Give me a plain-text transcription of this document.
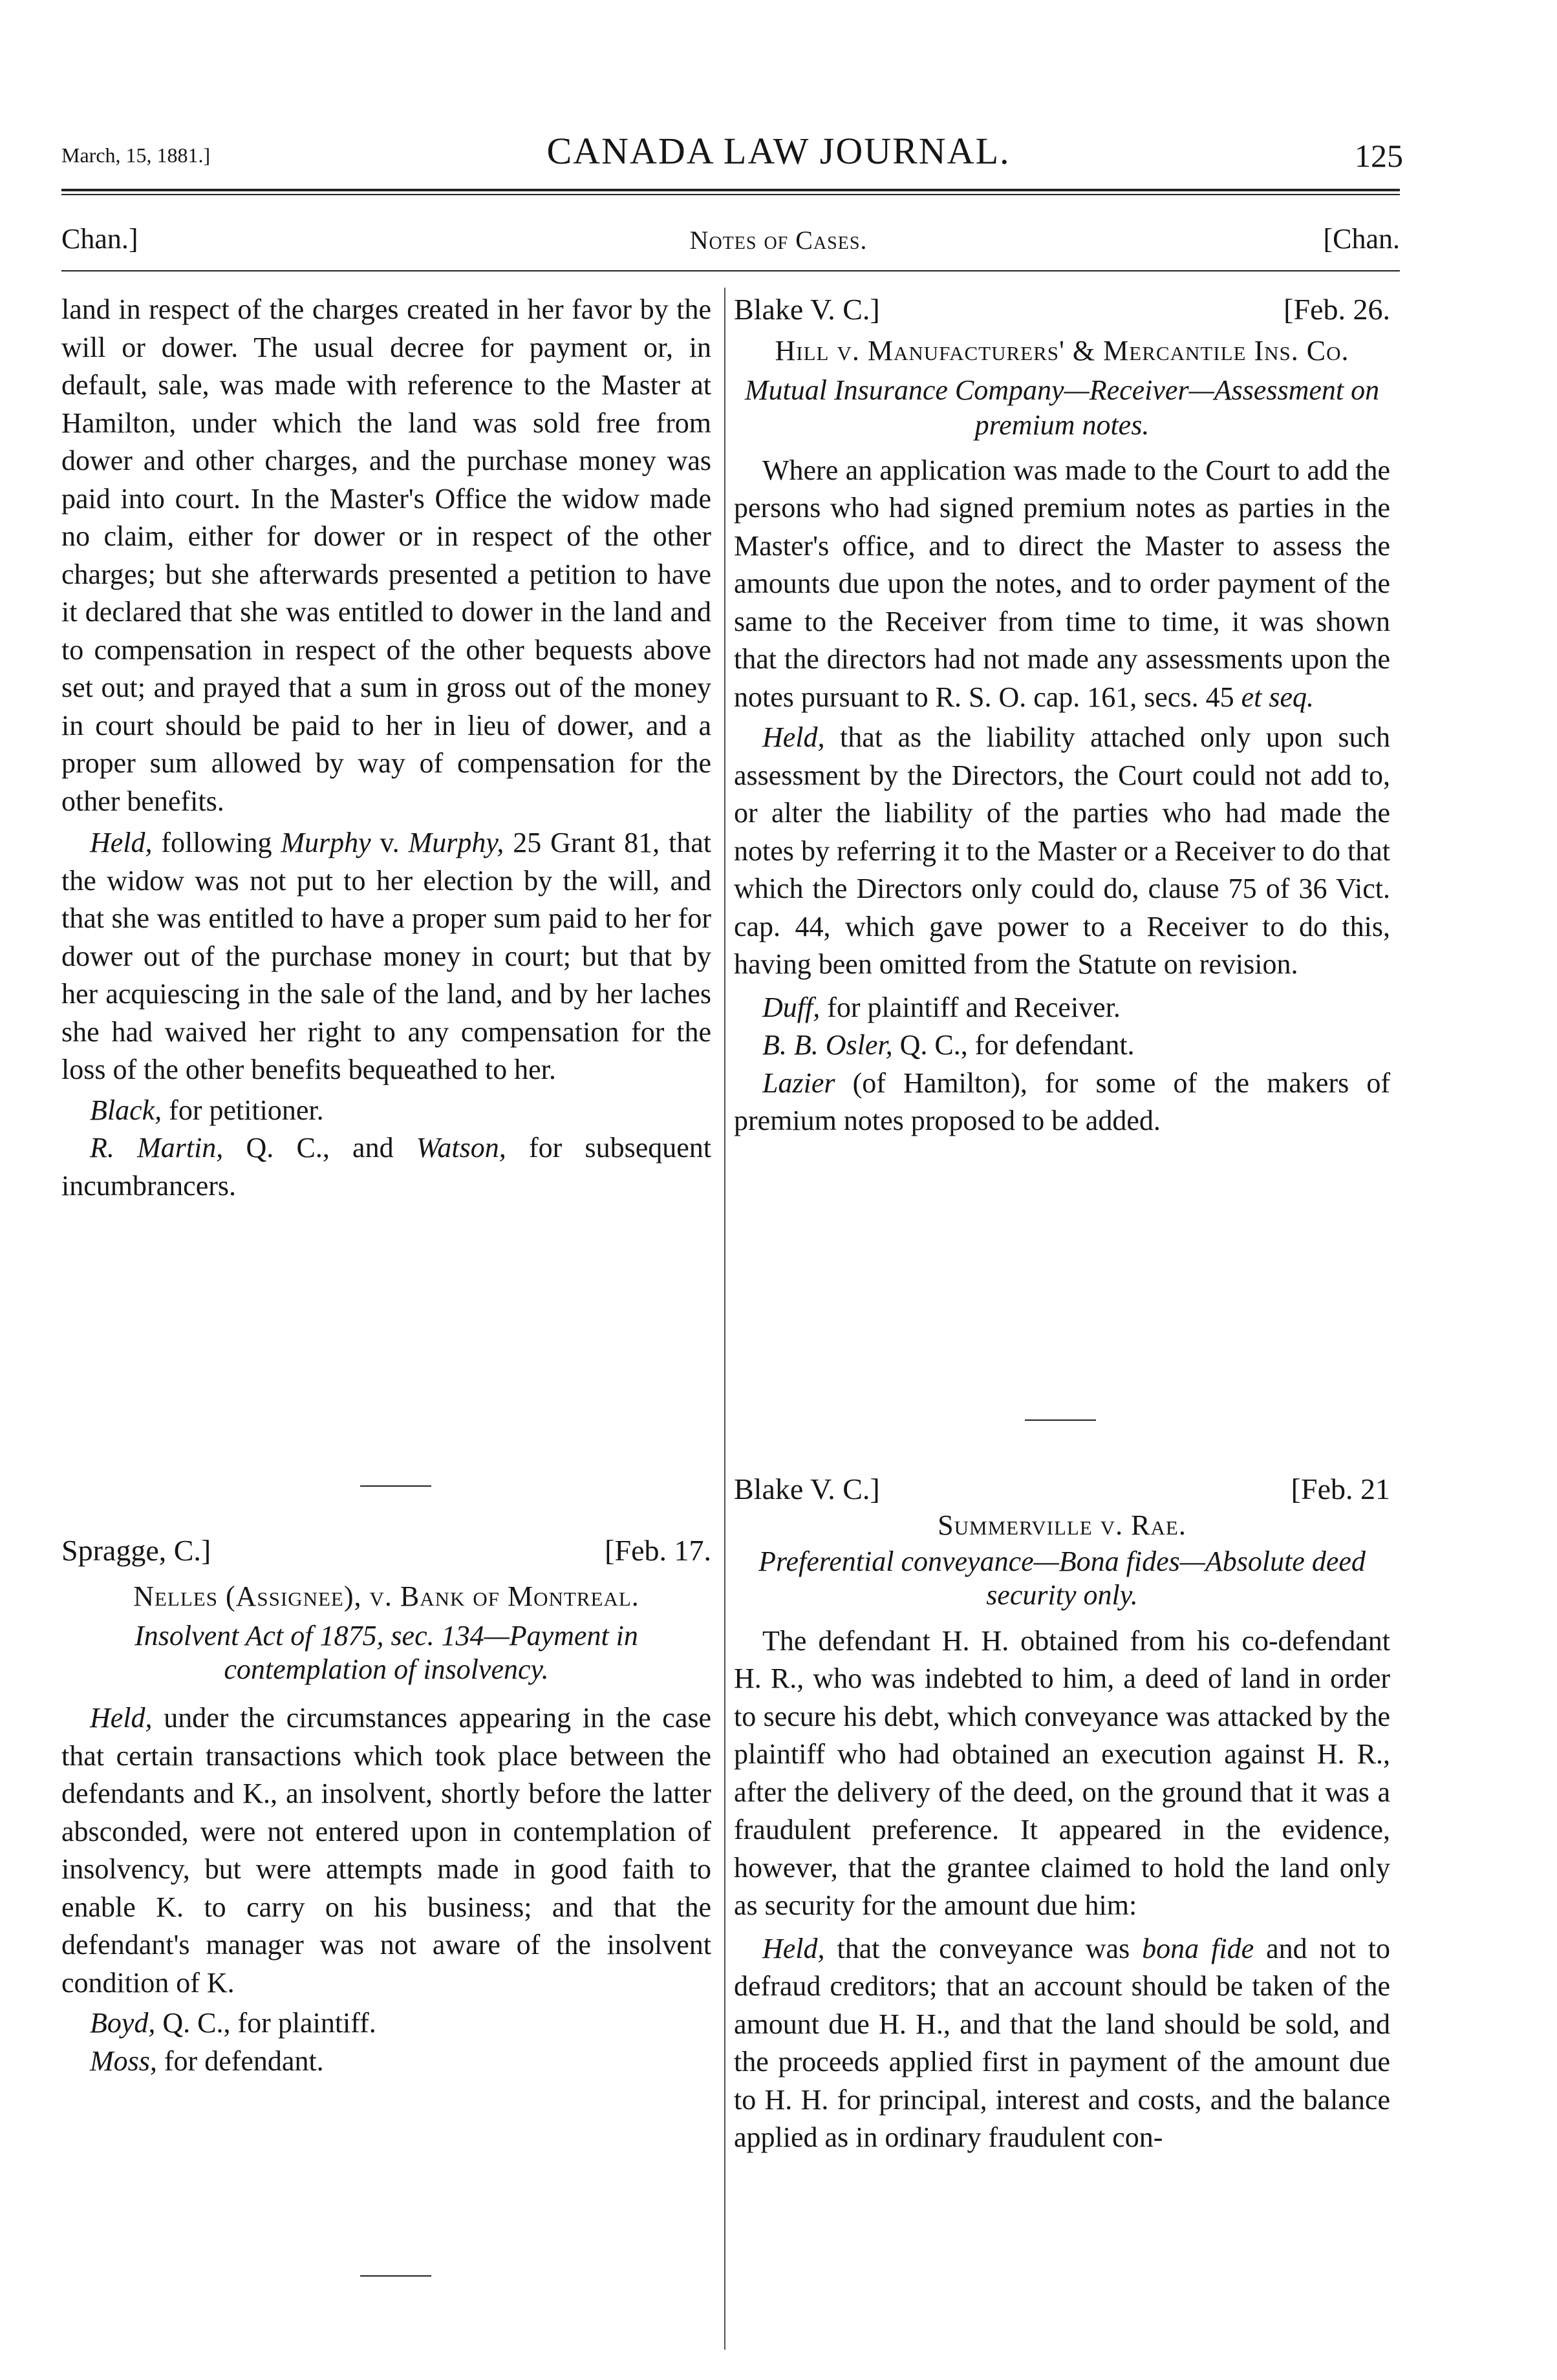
March, 15, 1881.]	CANADA LAW JOURNAL.	125
Chan.]	Notes of Cases.	[Chan.

land in respect of the charges created in her favor by the will or dower. The usual decree for payment or, in default, sale, was made with reference to the Master at Hamilton, under which the land was sold free from dower and other charges, and the purchase money was paid into court. In the Master's Office the widow made no claim, either for dower or in respect of the other charges; but she afterwards presented a petition to have it declared that she was entitled to dower in the land and to compensation in respect of the other bequests above set out; and prayed that a sum in gross out of the money in court should be paid to her in lieu of dower, and a proper sum allowed by way of compensation for the other benefits.

Held, following Murphy v. Murphy, 25 Grant 81, that the widow was not put to her election by the will, and that she was entitled to have a proper sum paid to her for dower out of the purchase money in court; but that by her acquiescing in the sale of the land, and by her laches she had waived her right to any compensation for the loss of the other benefits bequeathed to her.

Black, for petitioner.

R. Martin, Q. C., and Watson, for subsequent incumbrancers.

Spragge, C.]	[Feb. 17.
Nelles (Assignee), v. Bank of Montreal.
Insolvent Act of 1875, sec. 134—Payment in contemplation of insolvency.

Held, under the circumstances appearing in the case that certain transactions which took place between the defendants and K., an insolvent, shortly before the latter absconded, were not entered upon in contemplation of insolvency, but were attempts made in good faith to enable K. to carry on his business; and that the defendant's manager was not aware of the insolvent condition of K.

Boyd, Q. C., for plaintiff.

Moss, for defendant.

Blake V. C.]	[Feb. 26.
Hill v. Manufacturers' & Mercantile Ins. Co.
Mutual Insurance Company—Receiver—Assessment on premium notes.

Where an application was made to the Court to add the persons who had signed premium notes as parties in the Master's office, and to direct the Master to assess the amounts due upon the notes, and to order payment of the same to the Receiver from time to time, it was shown that the directors had not made any assessments upon the notes pursuant to R. S. O. cap. 161, secs. 45 et seq.

Held, that as the liability attached only upon such assessment by the Directors, the Court could not add to, or alter the liability of the parties who had made the notes by referring it to the Master or a Receiver to do that which the Directors only could do, clause 75 of 36 Vict. cap. 44, which gave power to a Receiver to do this, having been omitted from the Statute on revision.

Duff, for plaintiff and Receiver.

B. B. Osler, Q. C., for defendant.

Lazier (of Hamilton), for some of the makers of premium notes proposed to be added.

Blake V. C.]	[Feb. 21
Summerville v. Rae.
Preferential conveyance—Bona fides—Absolute deed security only.

The defendant H. H. obtained from his co-defendant H. R., who was indebted to him, a deed of land in order to secure his debt, which conveyance was attacked by the plaintiff who had obtained an execution against H. R., after the delivery of the deed, on the ground that it was a fraudulent preference. It appeared in the evidence, however, that the grantee claimed to hold the land only as security for the amount due him:

Held, that the conveyance was bona fide and not to defraud creditors; that an account should be taken of the amount due H. H., and that the land should be sold, and the proceeds applied first in payment of the amount due to H. H. for principal, interest and costs, and the balance applied as in ordinary fraudulent con-
